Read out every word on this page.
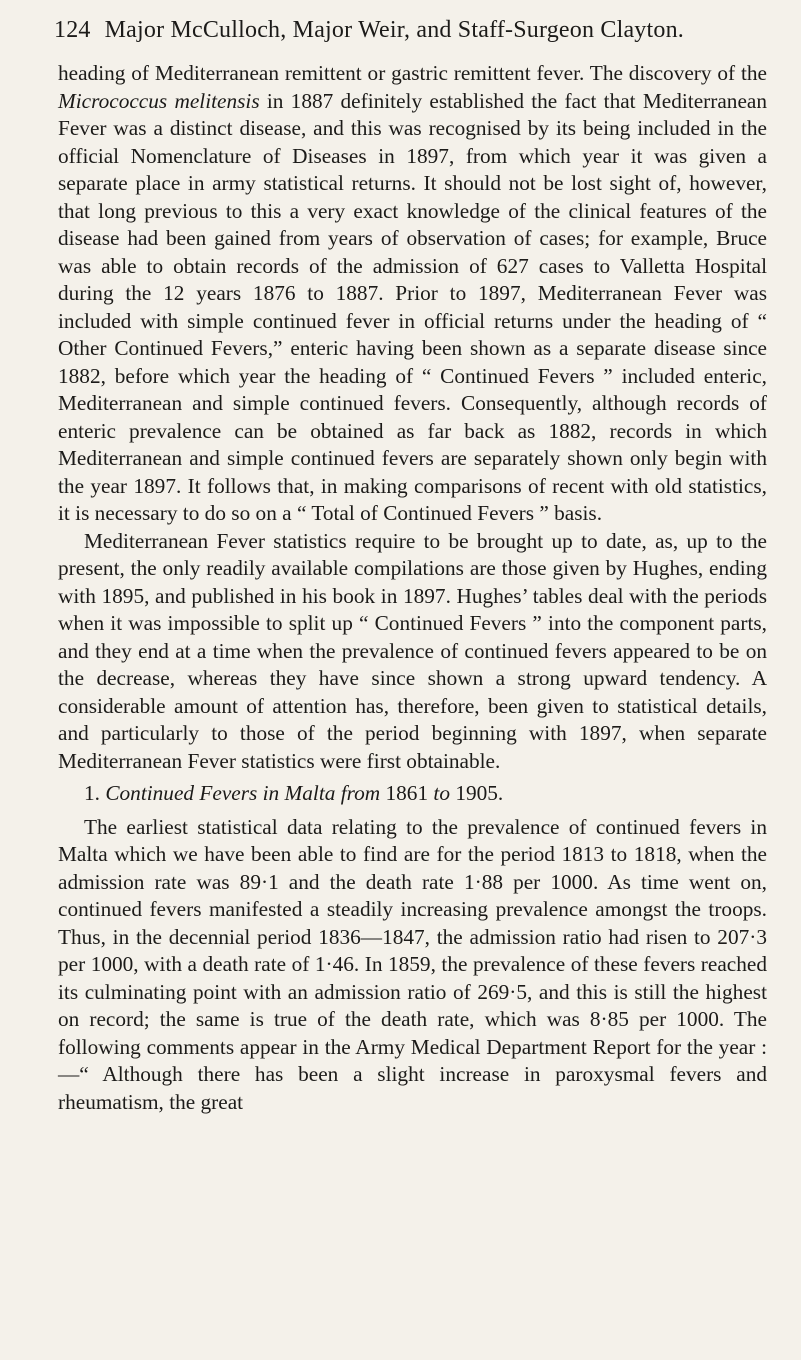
124 Major McCulloch, Major Weir, and Staff-Surgeon Clayton.

heading of Mediterranean remittent or gastric remittent fever. The discovery of the Micrococcus melitensis in 1887 definitely established the fact that Mediterranean Fever was a distinct disease, and this was recognised by its being included in the official Nomenclature of Diseases in 1897, from which year it was given a separate place in army statistical returns. It should not be lost sight of, however, that long previous to this a very exact knowledge of the clinical features of the disease had been gained from years of observation of cases; for example, Bruce was able to obtain records of the admission of 627 cases to Valletta Hospital during the 12 years 1876 to 1887. Prior to 1897, Mediterranean Fever was included with simple continued fever in official returns under the heading of “ Other Continued Fevers,” enteric having been shown as a separate disease since 1882, before which year the heading of “ Continued Fevers ” included enteric, Mediterranean and simple continued fevers. Consequently, although records of enteric prevalence can be obtained as far back as 1882, records in which Mediterranean and simple continued fevers are separately shown only begin with the year 1897. It follows that, in making comparisons of recent with old statistics, it is necessary to do so on a “ Total of Continued Fevers ” basis.

Mediterranean Fever statistics require to be brought up to date, as, up to the present, the only readily available compilations are those given by Hughes, ending with 1895, and published in his book in 1897. Hughes’ tables deal with the periods when it was impossible to split up “ Continued Fevers ” into the component parts, and they end at a time when the prevalence of continued fevers appeared to be on the decrease, whereas they have since shown a strong upward tendency. A considerable amount of attention has, therefore, been given to statistical details, and particularly to those of the period beginning with 1897, when separate Mediterranean Fever statistics were first obtainable.

1. Continued Fevers in Malta from 1861 to 1905.

The earliest statistical data relating to the prevalence of continued fevers in Malta which we have been able to find are for the period 1813 to 1818, when the admission rate was 89·1 and the death rate 1·88 per 1000. As time went on, continued fevers manifested a steadily increasing prevalence amongst the troops. Thus, in the decennial period 1836—1847, the admission ratio had risen to 207·3 per 1000, with a death rate of 1·46. In 1859, the prevalence of these fevers reached its culminating point with an admission ratio of 269·5, and this is still the highest on record; the same is true of the death rate, which was 8·85 per 1000. The following comments appear in the Army Medical Department Report for the year :—“ Although there has been a slight increase in paroxysmal fevers and rheumatism, the great
